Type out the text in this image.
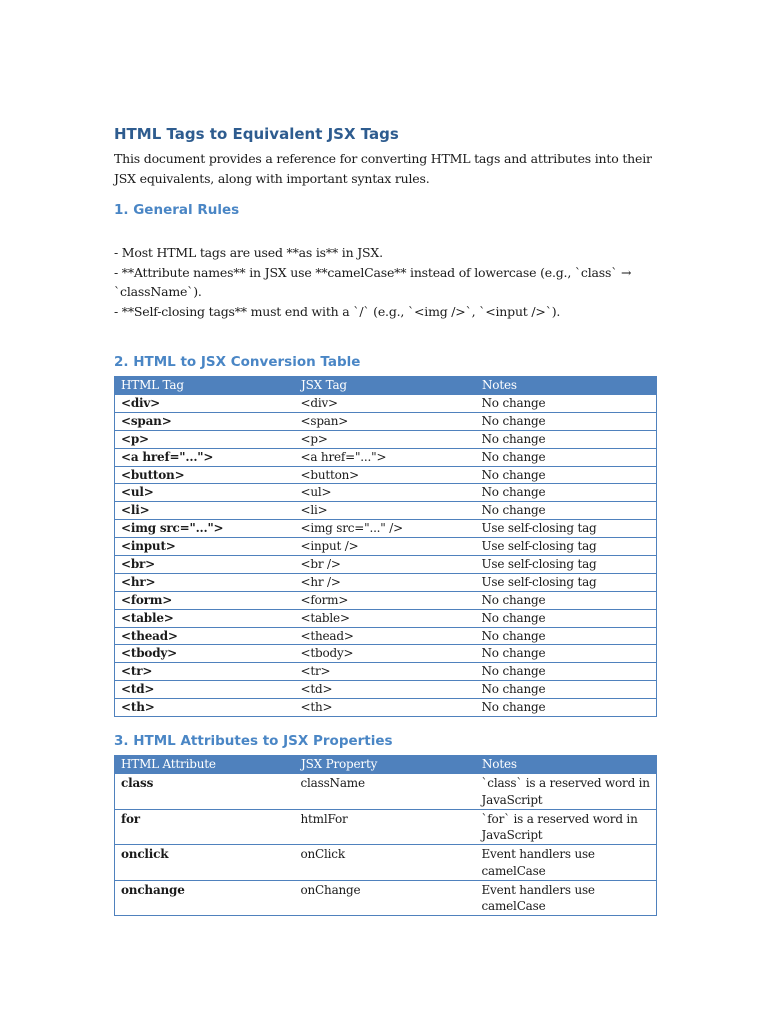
HTML Tags to Equivalent JSX Tags

This document provides a reference for converting HTML tags and attributes into their JSX equivalents, along with important syntax rules.

1. General Rules
- Most HTML tags are used **as is** in JSX.
- **Attribute names** in JSX use **camelCase** instead of lowercase (e.g., `class` → `className`).
- **Self-closing tags** must end with a `/` (e.g., `<img />`, `<input />`).
2. HTML to JSX Conversion Table
HTML Tag	JSX Tag	Notes
<div>	<div>	No change
<span>	<span>	No change
<p>	<p>	No change
<a href="...">	<a href="...">	No change
<button>	<button>	No change
<ul>	<ul>	No change
<li>	<li>	No change
<img src="...">	<img src="..." />	Use self-closing tag
<input>	<input />	Use self-closing tag
<br>	<br />	Use self-closing tag
<hr>	<hr />	Use self-closing tag
<form>	<form>	No change
<table>	<table>	No change
<thead>	<thead>	No change
<tbody>	<tbody>	No change
<tr>	<tr>	No change
<td>	<td>	No change
<th>	<th>	No change
3. HTML Attributes to JSX Properties
HTML Attribute	JSX Property	Notes
class	className	`class` is a reserved word in JavaScript
for	htmlFor	`for` is a reserved word in JavaScript
onclick	onClick	Event handlers use camelCase
onchange	onChange	Event handlers use camelCase
